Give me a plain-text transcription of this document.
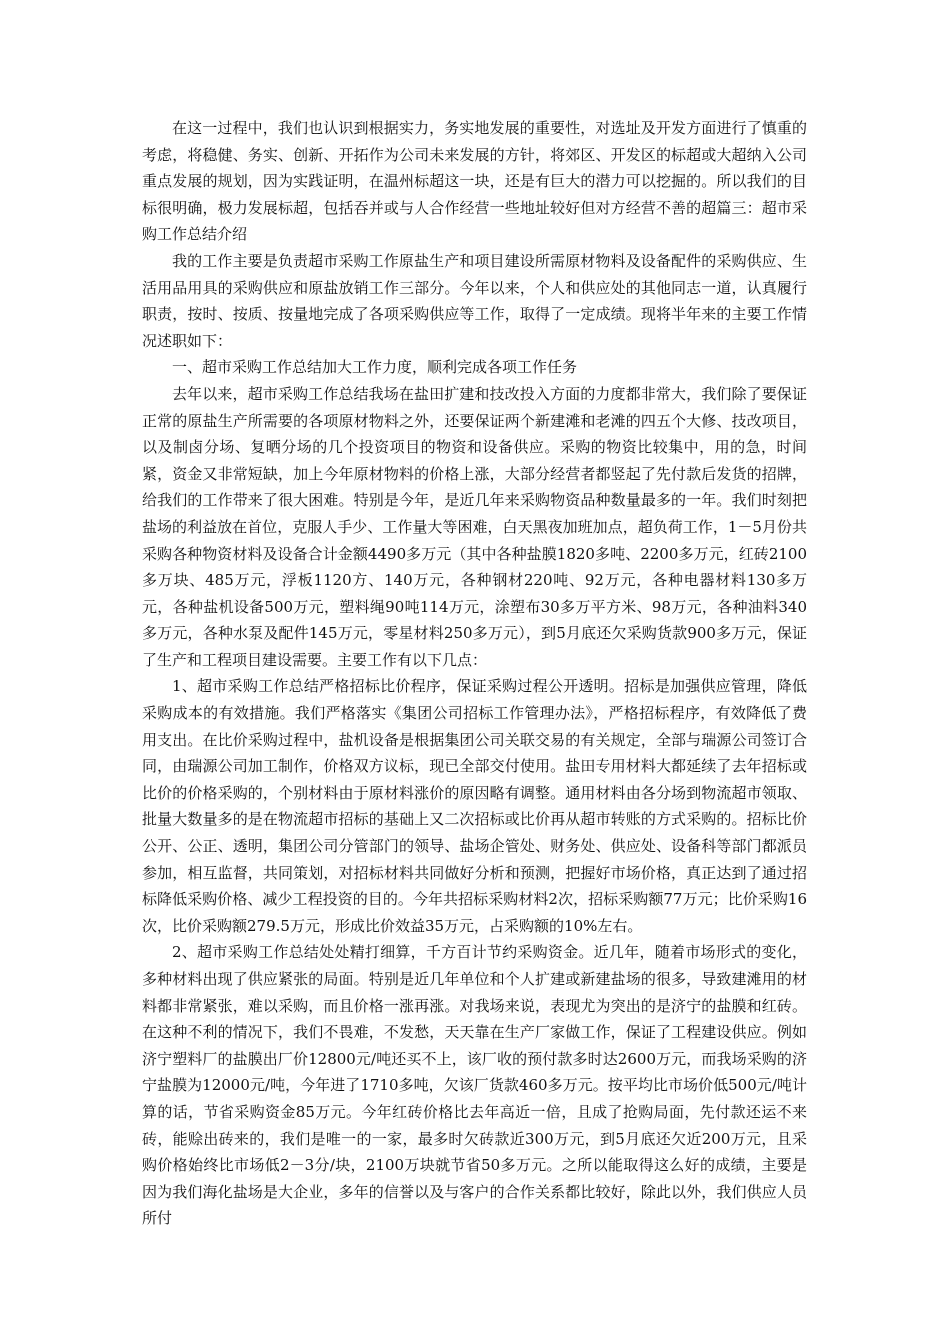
在这一过程中，我们也认识到根据实力，务实地发展的重要性，对选址及开发方面进行了慎重的考虑，将稳健、务实、创新、开拓作为公司未来发展的方针，将郊区、开发区的标超或大超纳入公司重点发展的规划，因为实践证明，在温州标超这一块，还是有巨大的潜力可以挖掘的。所以我们的目标很明确，极力发展标超，包括吞并或与人合作经营一些地址较好但对方经营不善的超篇三：超市采购工作总结介绍

我的工作主要是负责超市采购工作原盐生产和项目建设所需原材物料及设备配件的采购供应、生活用品用具的采购供应和原盐放销工作三部分。今年以来，个人和供应处的其他同志一道，认真履行职责，按时、按质、按量地完成了各项采购供应等工作，取得了一定成绩。现将半年来的主要工作情况述职如下：

一、超市采购工作总结加大工作力度，顺利完成各项工作任务

去年以来，超市采购工作总结我场在盐田扩建和技改投入方面的力度都非常大，我们除了要保证正常的原盐生产所需要的各项原材物料之外，还要保证两个新建滩和老滩的四五个大修、技改项目，以及制卤分场、复晒分场的几个投资项目的物资和设备供应。采购的物资比较集中，用的急，时间紧，资金又非常短缺，加上今年原材物料的价格上涨，大部分经营者都竖起了先付款后发货的招牌，给我们的工作带来了很大困难。特别是今年，是近几年来采购物资品种数量最多的一年。我们时刻把盐场的利益放在首位，克服人手少、工作量大等困难，白天黑夜加班加点，超负荷工作，1－5月份共采购各种物资材料及设备合计金额4490多万元（其中各种盐膜1820多吨、2200多万元，红砖2100多万块、485万元，浮板1120方、140万元，各种钢材220吨、92万元，各种电器材料130多万元，各种盐机设备500万元，塑料绳90吨114万元，涂塑布30多万平方米、98万元，各种油料340多万元，各种水泵及配件145万元，零星材料250多万元），到5月底还欠采购货款900多万元，保证了生产和工程项目建设需要。主要工作有以下几点：

1、超市采购工作总结严格招标比价程序，保证采购过程公开透明。招标是加强供应管理，降低采购成本的有效措施。我们严格落实《集团公司招标工作管理办法》，严格招标程序，有效降低了费用支出。在比价采购过程中，盐机设备是根据集团公司关联交易的有关规定，全部与瑞源公司签订合同，由瑞源公司加工制作，价格双方议标，现已全部交付使用。盐田专用材料大都延续了去年招标或比价的价格采购的，个别材料由于原材料涨价的原因略有调整。通用材料由各分场到物流超市领取、批量大数量多的是在物流超市招标的基础上又二次招标或比价再从超市转账的方式采购的。招标比价公开、公正、透明，集团公司分管部门的领导、盐场企管处、财务处、供应处、设备科等部门都派员参加，相互监督，共同策划，对招标材料共同做好分析和预测，把握好市场价格，真正达到了通过招标降低采购价格、减少工程投资的目的。今年共招标采购材料2次，招标采购额77万元；比价采购16次，比价采购额279.5万元，形成比价效益35万元，占采购额的10%左右。

2、超市采购工作总结处处精打细算，千方百计节约采购资金。近几年，随着市场形式的变化，多种材料出现了供应紧张的局面。特别是近几年单位和个人扩建或新建盐场的很多，导致建滩用的材料都非常紧张，难以采购，而且价格一涨再涨。对我场来说，表现尤为突出的是济宁的盐膜和红砖。在这种不利的情况下，我们不畏难，不发愁，天天靠在生产厂家做工作，保证了工程建设供应。例如济宁塑料厂的盐膜出厂价12800元/吨还买不上，该厂收的预付款多时达2600万元，而我场采购的济宁盐膜为12000元/吨，今年进了1710多吨，欠该厂货款460多万元。按平均比市场价低500元/吨计算的话，节省采购资金85万元。今年红砖价格比去年高近一倍，且成了抢购局面，先付款还运不来砖，能赊出砖来的，我们是唯一的一家，最多时欠砖款近300万元，到5月底还欠近200万元，且采购价格始终比市场低2－3分/块，2100万块就节省50多万元。之所以能取得这么好的成绩，主要是因为我们海化盐场是大企业，多年的信誉以及与客户的合作关系都比较好，除此以外，我们供应人员所付
